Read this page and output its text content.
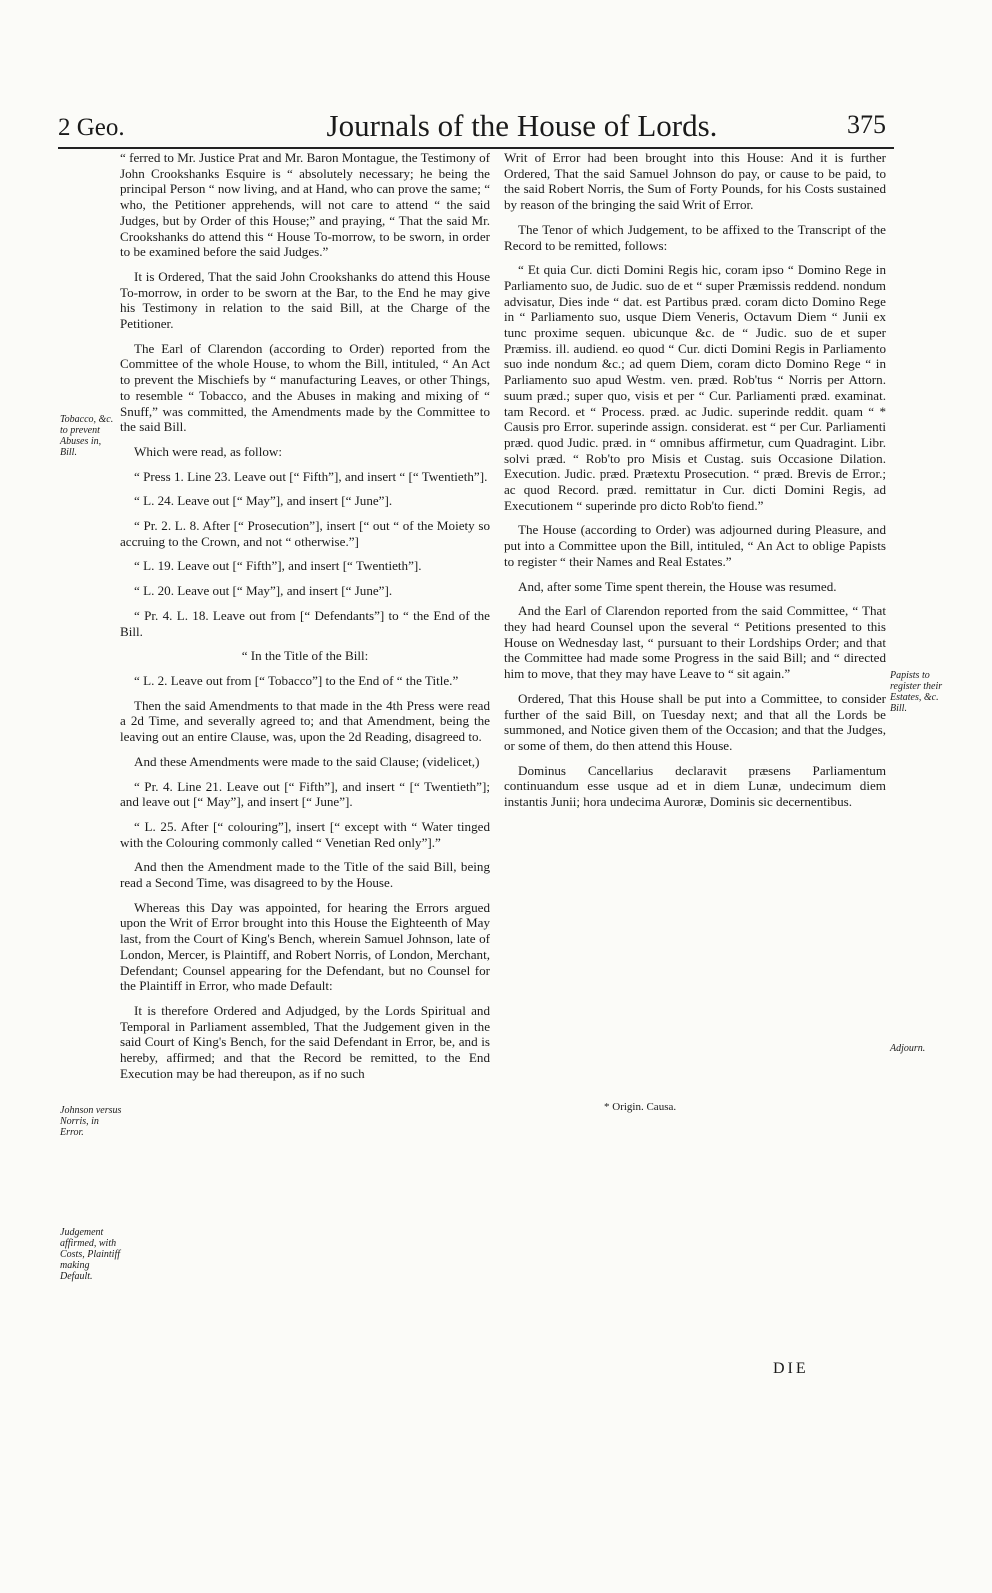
2 Geo.	Journals of the House of Lords.	375

“ ferred to Mr. Justice Prat and Mr. Baron Montague, the Testimony of John Crookshanks Esquire is “ absolutely necessary; he being the principal Person “ now living, and at Hand, who can prove the same; “ who, the Petitioner apprehends, will not care to attend “ the said Judges, but by Order of this House;” and praying, “ That the said Mr. Crookshanks do attend this “ House To-morrow, to be sworn, in order to be examined before the said Judges.”

It is Ordered, That the said John Crookshanks do attend this House To-morrow, in order to be sworn at the Bar, to the End he may give his Testimony in relation to the said Bill, at the Charge of the Petitioner.

The Earl of Clarendon (according to Order) reported from the Committee of the whole House, to whom the Bill, intituled, “ An Act to prevent the Mischiefs by “ manufacturing Leaves, or other Things, to resemble “ Tobacco, and the Abuses in making and mixing of “ Snuff,” was committed, the Amendments made by the Committee to the said Bill.

Which were read, as follow:

“ Press 1. Line 23. Leave out [“ Fifth”], and insert “ [“ Twentieth”].

“ L. 24. Leave out [“ May”], and insert [“ June”].

“ Pr. 2. L. 8. After [“ Prosecution”], insert [“ out “ of the Moiety so accruing to the Crown, and not “ otherwise.”]

“ L. 19. Leave out [“ Fifth”], and insert [“ Twentieth”].

“ L. 20. Leave out [“ May”], and insert [“ June”].

“ Pr. 4. L. 18. Leave out from [“ Defendants”] to “ the End of the Bill.

“ In the Title of the Bill:

“ L. 2. Leave out from [“ Tobacco”] to the End of “ the Title.”

Then the said Amendments to that made in the 4th Press were read a 2d Time, and severally agreed to; and that Amendment, being the leaving out an entire Clause, was, upon the 2d Reading, disagreed to.

And these Amendments were made to the said Clause; (videlicet,)

“ Pr. 4. Line 21. Leave out [“ Fifth”], and insert “ [“ Twentieth”]; and leave out [“ May”], and insert [“ June”].

“ L. 25. After [“ colouring”], insert [“ except with “ Water tinged with the Colouring commonly called “ Venetian Red only”].”

And then the Amendment made to the Title of the said Bill, being read a Second Time, was disagreed to by the House.

Whereas this Day was appointed, for hearing the Errors argued upon the Writ of Error brought into this House the Eighteenth of May last, from the Court of King's Bench, wherein Samuel Johnson, late of London, Mercer, is Plaintiff, and Robert Norris, of London, Merchant, Defendant; Counsel appearing for the Defendant, but no Counsel for the Plaintiff in Error, who made Default:

It is therefore Ordered and Adjudged, by the Lords Spiritual and Temporal in Parliament assembled, That the Judgement given in the said Court of King's Bench, for the said Defendant in Error, be, and is hereby, affirmed; and that the Record be remitted, to the End Execution may be had thereupon, as if no such

Writ of Error had been brought into this House: And it is further Ordered, That the said Samuel Johnson do pay, or cause to be paid, to the said Robert Norris, the Sum of Forty Pounds, for his Costs sustained by reason of the bringing the said Writ of Error.

The Tenor of which Judgement, to be affixed to the Transcript of the Record to be remitted, follows:

“ Et quia Cur. dicti Domini Regis hic, coram ipso “ Domino Rege in Parliamento suo, de Judic. suo de et “ super Præmissis reddend. nondum advisatur, Dies inde “ dat. est Partibus præd. coram dicto Domino Rege in “ Parliamento suo, usque Diem Veneris, Octavum Diem “ Junii ex tunc proxime sequen. ubicunque &c. de “ Judic. suo de et super Præmiss. ill. audiend. eo quod “ Cur. dicti Domini Regis in Parliamento suo inde nondum &c.; ad quem Diem, coram dicto Domino Rege “ in Parliamento suo apud Westm. ven. præd. Rob'tus “ Norris per Attorn. suum præd.; super quo, visis et per “ Cur. Parliamenti præd. examinat. tam Record. et “ Process. præd. ac Judic. superinde reddit. quam “ * Causis pro Error. superinde assign. considerat. est “ per Cur. Parliamenti præd. quod Judic. præd. in “ omnibus affirmetur, cum Quadragint. Libr. solvi præd. “ Rob'to pro Misis et Custag. suis Occasione Dilation. Execution. Judic. præd. Prætextu Prosecution. “ præd. Brevis de Error.; ac quod Record. præd. remittatur in Cur. dicti Domini Regis, ad Executionem “ superinde pro dicto Rob'to fiend.”

The House (according to Order) was adjourned during Pleasure, and put into a Committee upon the Bill, intituled, “ An Act to oblige Papists to register “ their Names and Real Estates.”

And, after some Time spent therein, the House was resumed.

And the Earl of Clarendon reported from the said Committee, “ That they had heard Counsel upon the several “ Petitions presented to this House on Wednesday last, “ pursuant to their Lordships Order; and that the Committee had made some Progress in the said Bill; and “ directed him to move, that they may have Leave to “ sit again.”

Ordered, That this House shall be put into a Committee, to consider further of the said Bill, on Tuesday next; and that all the Lords be summoned, and Notice given them of the Occasion; and that the Judges, or some of them, do then attend this House.

Dominus Cancellarius declaravit præsens Parliamentum continuandum esse usque ad et in diem Lunæ, undecimum diem instantis Junii; hora undecima Auroræ, Dominis sic decernentibus.

Tobacco, &c. to prevent Abuses in, Bill.
Johnson versus Norris, in Error.
Judgement affirmed, with Costs, Plaintiff making Default.
Papists to register their Estates, &c. Bill.
Adjourn.
* Origin. Causa.
DIE
